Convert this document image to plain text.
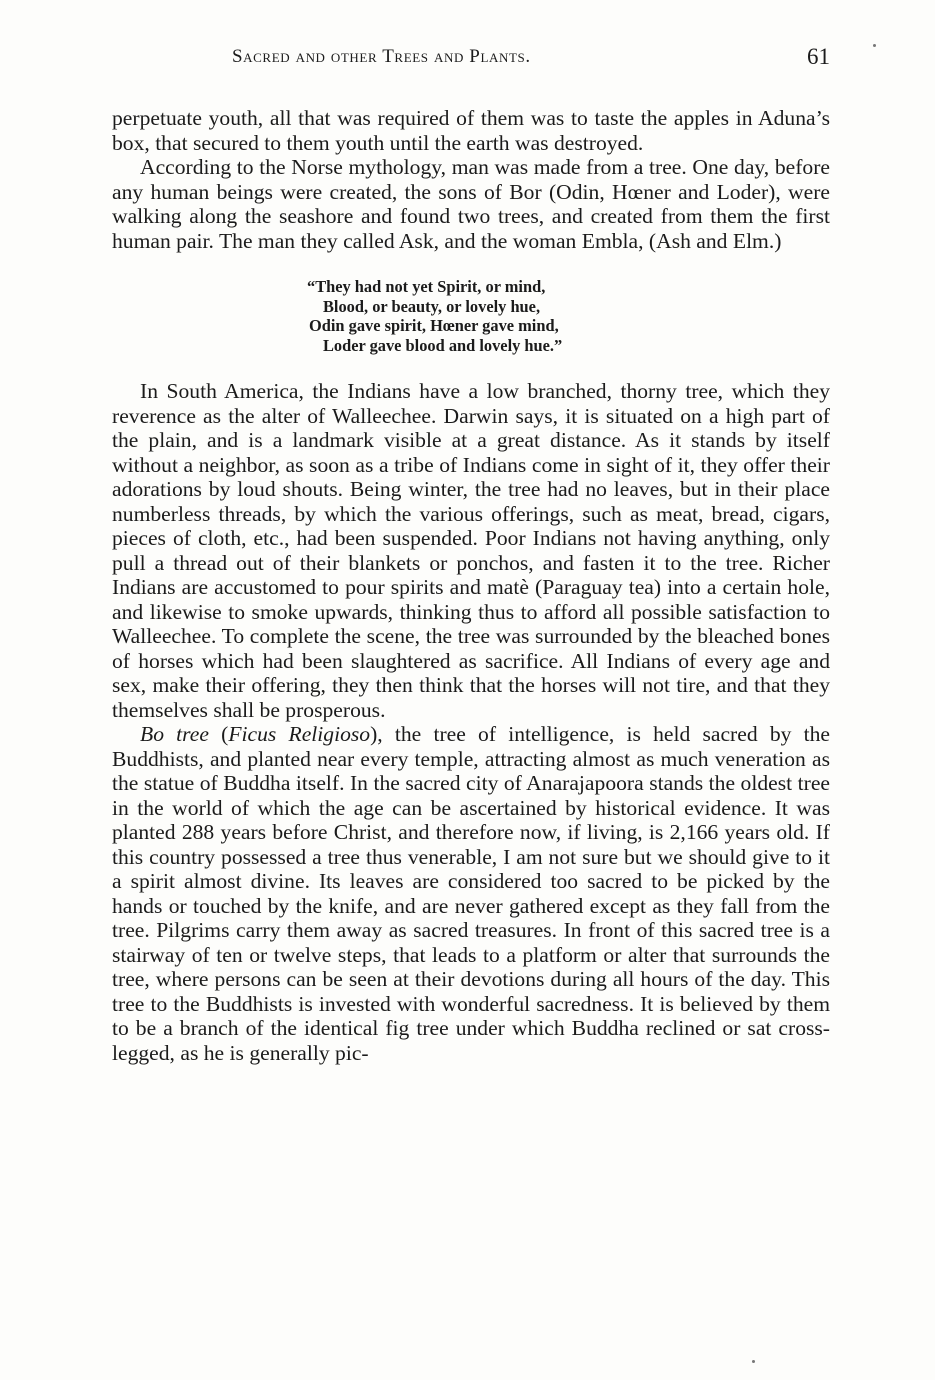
Sacred and other Trees and Plants.	61

perpetuate youth, all that was required of them was to taste the apples in Aduna’s box, that secured to them youth until the earth was destroyed.

According to the Norse mythology, man was made from a tree. One day, before any human beings were created, the sons of Bor (Odin, Hœner and Loder), were walking along the seashore and found two trees, and created from them the first human pair. The man they called Ask, and the woman Embla, (Ash and Elm.)

“They had not yet Spirit, or mind,
Blood, or beauty, or lovely hue,
Odin gave spirit, Hœner gave mind,
Loder gave blood and lovely hue.”

In South America, the Indians have a low branched, thorny tree, which they reverence as the alter of Walleechee. Darwin says, it is situated on a high part of the plain, and is a landmark visible at a great distance. As it stands by itself without a neighbor, as soon as a tribe of Indians come in sight of it, they offer their adorations by loud shouts. Being winter, the tree had no leaves, but in their place numberless threads, by which the various offerings, such as meat, bread, cigars, pieces of cloth, etc., had been suspended. Poor Indians not having anything, only pull a thread out of their blankets or ponchos, and fasten it to the tree. Richer Indians are accustomed to pour spirits and matè (Paraguay tea) into a certain hole, and likewise to smoke upwards, thinking thus to afford all possible satisfaction to Walleechee. To complete the scene, the tree was surrounded by the bleached bones of horses which had been slaughtered as sacrifice. All Indians of every age and sex, make their offering, they then think that the horses will not tire, and that they themselves shall be prosperous.

Bo tree (Ficus Religioso), the tree of intelligence, is held sacred by the Buddhists, and planted near every temple, attracting almost as much veneration as the statue of Buddha itself. In the sacred city of Anarajapoora stands the oldest tree in the world of which the age can be ascertained by historical evidence. It was planted 288 years before Christ, and therefore now, if living, is 2,166 years old. If this country possessed a tree thus venerable, I am not sure but we should give to it a spirit almost divine. Its leaves are considered too sacred to be picked by the hands or touched by the knife, and are never gathered except as they fall from the tree. Pilgrims carry them away as sacred treasures. In front of this sacred tree is a stairway of ten or twelve steps, that leads to a platform or alter that surrounds the tree, where persons can be seen at their devotions during all hours of the day. This tree to the Buddhists is invested with wonderful sacredness. It is believed by them to be a branch of the identical fig tree under which Buddha reclined or sat cross-legged, as he is generally pic-
